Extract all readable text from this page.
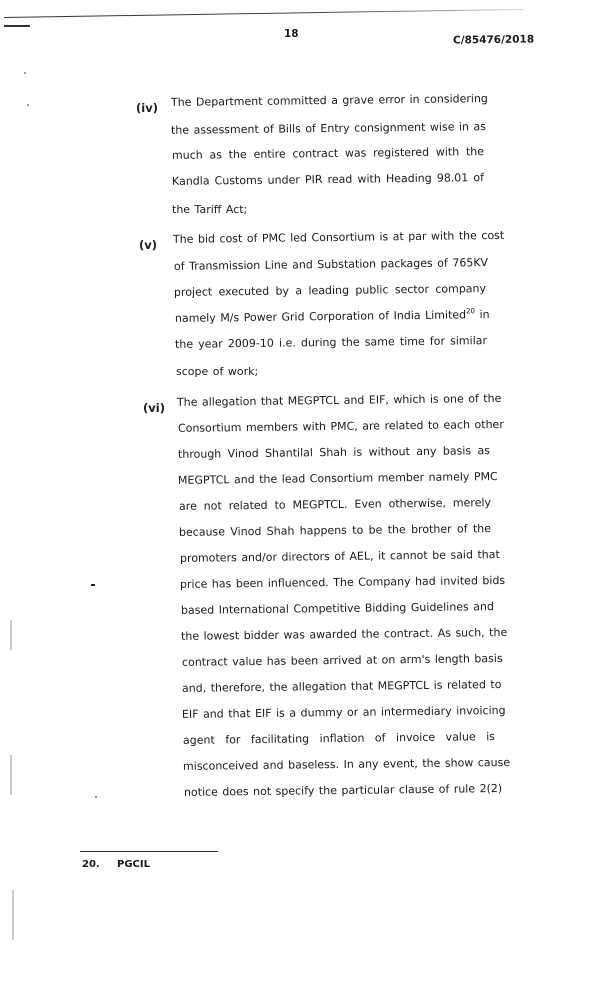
18	C/85476/2018
(iv) The Department committed a grave error in considering
the assessment of Bills of Entry consignment wise in as
much as the entire contract was registered with the
Kandla Customs under PIR read with Heading 98.01 of
the Tariff Act;
(v) The bid cost of PMC led Consortium is at par with the cost
of Transmission Line and Substation packages of 765KV
project executed by a leading public sector company
namely M/s Power Grid Corporation of India Limited$^{20}$ in
the year 2009-10 i.e. during the same time for similar
scope of work;
(vi) The allegation that MEGPTCL and EIF, which is one of the
Consortium members with PMC, are related to each other
through Vinod Shantilal Shah is without any basis as
MEGPTCL and the lead Consortium member namely PMC
are not related to MEGPTCL. Even otherwise, merely
because Vinod Shah happens to be the brother of the
promoters and/or directors of AEL, it cannot be said that
price has been influenced. The Company had invited bids
based International Competitive Bidding Guidelines and
the lowest bidder was awarded the contract. As such, the
contract value has been arrived at on arm's length basis
and, therefore, the allegation that MEGPTCL is related to
EIF and that EIF is a dummy or an intermediary invoicing
agent for facilitating inflation of invoice value is
misconceived and baseless. In any event, the show cause
notice does not specify the particular clause of rule 2(2)
20. PGCIL
